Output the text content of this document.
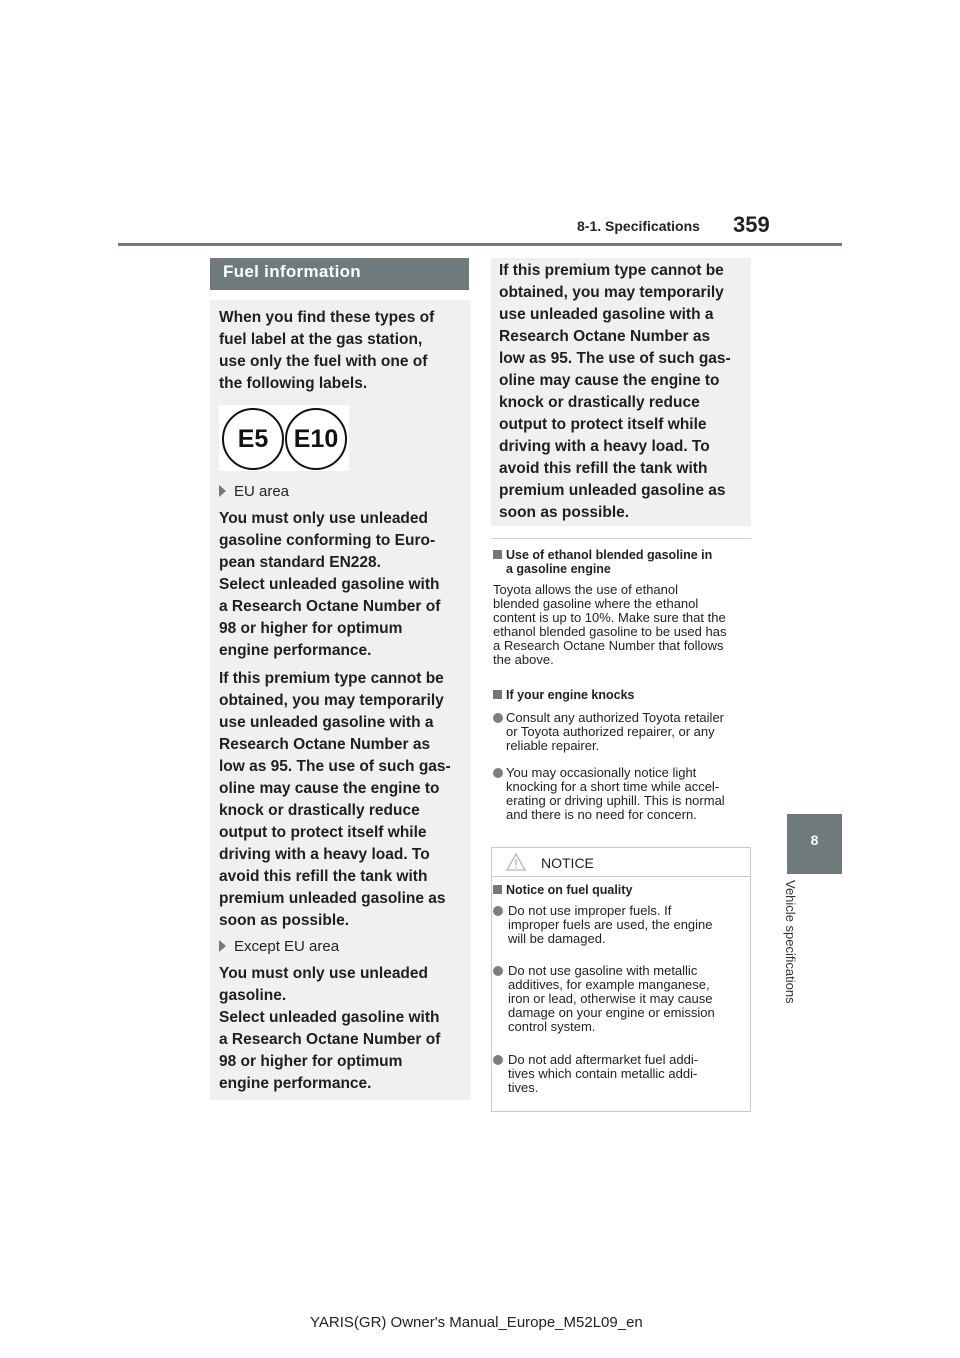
8-1. Specifications 359
8
Vehicle specifications
Fuel information
When you find these types of
fuel label at the gas station,
use only the fuel with one of
the following labels.
E5 E10
EU area
You must only use unleaded
gasoline conforming to Euro-
pean standard EN228.
Select unleaded gasoline with
a Research Octane Number of
98 or higher for optimum
engine performance.
If this premium type cannot be
obtained, you may temporarily
use unleaded gasoline with a
Research Octane Number as
low as 95. The use of such gas-
oline may cause the engine to
knock or drastically reduce
output to protect itself while
driving with a heavy load. To
avoid this refill the tank with
premium unleaded gasoline as
soon as possible.
Except EU area
You must only use unleaded
gasoline.
Select unleaded gasoline with
a Research Octane Number of
98 or higher for optimum
engine performance.
If this premium type cannot be
obtained, you may temporarily
use unleaded gasoline with a
Research Octane Number as
low as 95. The use of such gas-
oline may cause the engine to
knock or drastically reduce
output to protect itself while
driving with a heavy load. To
avoid this refill the tank with
premium unleaded gasoline as
soon as possible.
Use of ethanol blended gasoline in
a gasoline engine
Toyota allows the use of ethanol
blended gasoline where the ethanol
content is up to 10%. Make sure that the
ethanol blended gasoline to be used has
a Research Octane Number that follows
the above.
If your engine knocks
Consult any authorized Toyota retailer
or Toyota authorized repairer, or any
reliable repairer.
You may occasionally notice light
knocking for a short time while accel-
erating or driving uphill. This is normal
and there is no need for concern.
NOTICE
Notice on fuel quality
Do not use improper fuels. If
improper fuels are used, the engine
will be damaged.
Do not use gasoline with metallic
additives, for example manganese,
iron or lead, otherwise it may cause
damage on your engine or emission
control system.
Do not add aftermarket fuel addi-
tives which contain metallic addi-
tives.
YARIS(GR) Owner's Manual_Europe_M52L09_en
